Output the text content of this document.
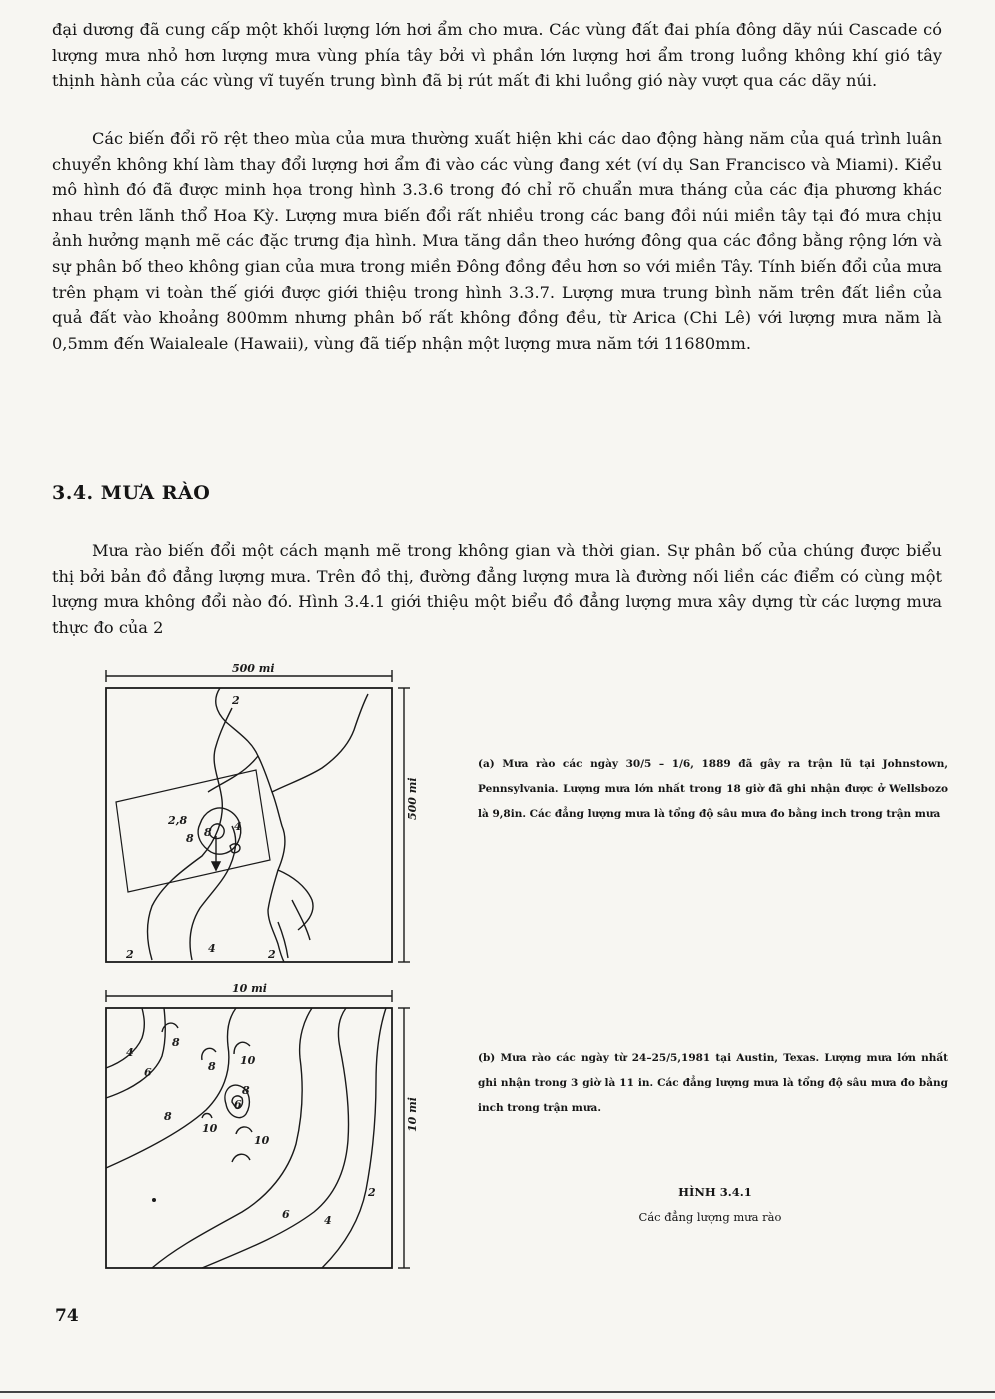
đại dương đã cung cấp một khối lượng lớn hơi ẩm cho mưa. Các vùng đất đai phía đông dãy núi Cascade có lượng mưa nhỏ hơn lượng mưa vùng phía tây bởi vì phần lớn lượng hơi ẩm trong luồng không khí gió tây thịnh hành của các vùng vĩ tuyến trung bình đã bị rút mất đi khi luồng gió này vượt qua các dãy núi.

Các biến đổi rõ rệt theo mùa của mưa thường xuất hiện khi các dao động hàng năm của quá trình luân chuyển không khí làm thay đổi lượng hơi ẩm đi vào các vùng đang xét (ví dụ San Francisco và Miami). Kiểu mô hình đó đã được minh họa trong hình 3.3.6 trong đó chỉ rõ chuẩn mưa tháng của các địa phương khác nhau trên lãnh thổ Hoa Kỳ. Lượng mưa biến đổi rất nhiều trong các bang đồi núi miền tây tại đó mưa chịu ảnh hưởng mạnh mẽ các đặc trưng địa hình. Mưa tăng dần theo hướng đông qua các đồng bằng rộng lớn và sự phân bố theo không gian của mưa trong miền Đông đồng đều hơn so với miền Tây. Tính biến đổi của mưa trên phạm vi toàn thế giới được giới thiệu trong hình 3.3.7. Lượng mưa trung bình năm trên đất liền của quả đất vào khoảng 800mm nhưng phân bố rất không đồng đều, từ Arica (Chi Lê) với lượng mưa năm là 0,5mm đến Waialeale (Hawaii), vùng đã tiếp nhận một lượng mưa năm tới 11680mm.

3.4. MƯA RÀO

Mưa rào biến đổi một cách mạnh mẽ trong không gian và thời gian. Sự phân bố của chúng được biểu thị bởi bản đồ đẳng lượng mưa. Trên đồ thị, đường đẳng lượng mưa là đường nối liền các điểm có cùng một lượng mưa không đổi nào đó. Hình 3.4.1 giới thiệu một biểu đồ đẳng lượng mưa xây dựng từ các lượng mưa thực đo của 2

500 mi
500 mi
2
2,8	4
8
8
4	2
2
10 mi
10 mi
4
6
8
8 10
8
6
10
10
8
6	4
2

(a) Mưa rào các ngày 30/5 – 1/6, 1889 đã gây ra trận lũ tại Johnstown, Pennsylvania. Lượng mưa lớn nhất trong 18 giờ đã ghi nhận được ở Wellsbozo là 9,8in. Các đẳng lượng mưa là tổng độ sâu mưa đo bằng inch trong trận mưa

(b) Mưa rào các ngày từ 24–25/5,1981 tại Austin, Texas. Lượng mưa lớn nhất ghi nhận trong 3 giờ là 11 in. Các đẳng lượng mưa là tổng độ sâu mưa đo bằng inch trong trận mưa.

HÌNH 3.4.1
Các đẳng lượng mưa rào
74
